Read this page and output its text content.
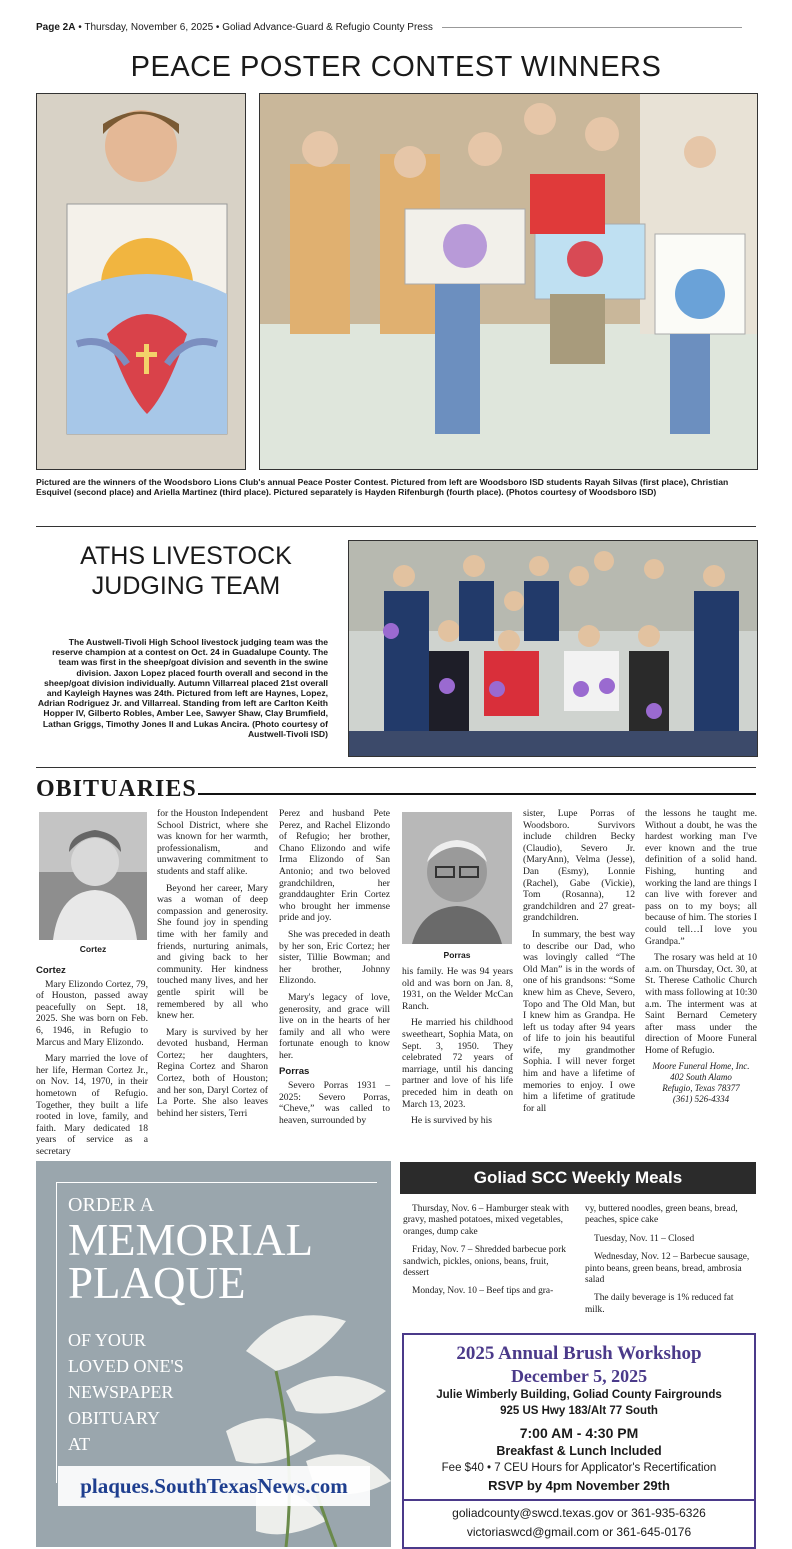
Page 2A • Thursday, November 6, 2025 • Goliad Advance-Guard & Refugio County Press
PEACE POSTER CONTEST WINNERS
Pictured are the winners of the Woodsboro Lions Club's annual Peace Poster Contest. Pictured from left are Woodsboro ISD students Rayah Silvas (first place), Christian Esquivel (second place) and Ariella Martinez (third place). Pictured separately is Hayden Rifenburgh (fourth place). (Photos courtesy of Woodsboro ISD)
ATHS LIVESTOCK
JUDGING TEAM
The Austwell-Tivoli High School livestock judging team was the reserve champion at a contest on Oct. 24 in Guadalupe County. The team was first in the sheep/goat division and seventh in the swine division. Jaxon Lopez placed fourth overall and second in the sheep/goat division individually. Autumn Villarreal placed 21st overall and Kayleigh Haynes was 24th. Pictured from left are Haynes, Lopez, Adrian Rodriguez Jr. and Villarreal. Standing from left are Carlton Keith Hopper IV, Gilberto Robles, Amber Lee, Sawyer Shaw, Clay Brumfield, Lathan Griggs, Timothy Jones II and Lukas Ancira. (Photo courtesy of Austwell-Tivoli ISD)
OBITUARIES
Cortez
Cortez

Mary Elizondo Cortez, 79, of Houston, passed away peacefully on Sept. 18, 2025. She was born on Feb. 6, 1946, in Refugio to Marcus and Mary Elizondo.

Mary married the love of her life, Herman Cortez Jr., on Nov. 14, 1970, in their hometown of Refugio. Together, they built a life rooted in love, family, and faith. Mary dedicated 18 years of service as a secretary

for the Houston Independent School District, where she was known for her warmth, professionalism, and unwavering commitment to students and staff alike.

Beyond her career, Mary was a woman of deep compassion and generosity. She found joy in spending time with her family and friends, nurturing animals, and giving back to her community. Her kindness touched many lives, and her gentle spirit will be remembered by all who knew her.

Mary is survived by her devoted husband, Herman Cortez; her daughters, Regina Cortez and Sharon Cortez, both of Houston; and her son, Daryl Cortez of La Porte. She also leaves behind her sisters, Terri

Perez and husband Pete Perez, and Rachel Elizondo of Refugio; her brother, Chano Elizondo and wife Irma Elizondo of San Antonio; and two beloved grandchildren, her granddaughter Erin Cortez who brought her immense pride and joy.

She was preceded in death by her son, Eric Cortez; her sister, Tillie Bowman; and her brother, Johnny Elizondo.

Mary's legacy of love, generosity, and grace will live on in the hearts of her family and all who were fortunate enough to know her.

Porras

Severo Porras 1931 – 2025: Severo Porras, “Cheve,” was called to heaven, surrounded by

Porras

his family. He was 94 years old and was born on Jan. 8, 1931, on the Welder McCan Ranch.

He married his childhood sweetheart, Sophia Mata, on Sept. 3, 1950. They celebrated 72 years of marriage, until his dancing partner and love of his life preceded him in death on March 13, 2023.

He is survived by his

sister, Lupe Porras of Woodsboro. Survivors include children Becky (Claudio), Severo Jr. (MaryAnn), Velma (Jesse), Dan (Esmy), Lonnie (Rachel), Gabe (Vickie), Tom (Rosanna), 12 grandchildren and 27 great-grandchildren.

In summary, the best way to describe our Dad, who was lovingly called “The Old Man” is in the words of one of his grandsons: “Some knew him as Cheve, Severo, Topo and The Old Man, but I knew him as Grandpa. He left us today after 94 years of life to join his beautiful wife, my grandmother Sophia. I will never forget him and have a lifetime of memories to enjoy. I owe him a lifetime of gratitude for all

the lessons he taught me. Without a doubt, he was the hardest working man I've ever known and the true definition of a solid hand. Fishing, hunting and working the land are things I can live with forever and pass on to my boys; all because of him. The stories I could tell…I love you Grandpa.”

The rosary was held at 10 a.m. on Thursday, Oct. 30, at St. Therese Catholic Church with mass following at 10:30 a.m. The interment was at Saint Bernard Cemetery after mass under the direction of Moore Funeral Home of Refugio.

Moore Funeral Home, Inc.
402 South Alamo
Refugio, Texas 78377
(361) 526-4334
ORDER A
MEMORIAL
PLAQUE
OF YOUR
LOVED ONE'S
NEWSPAPER
OBITUARY
AT
plaques.SouthTexasNews.com
Goliad SCC Weekly Meals

Thursday, Nov. 6 – Hamburger steak with gravy, mashed potatoes, mixed vegetables, oranges, dump cake

Friday, Nov. 7 – Shredded barbecue pork sandwich, pickles, onions, beans, fruit, dessert

Monday, Nov. 10 – Beef tips and gra-

vy, buttered noodles, green beans, bread, peaches, spice cake

Tuesday, Nov. 11 – Closed

Wednesday, Nov. 12 – Barbecue sausage, pinto beans, green beans, bread, ambrosia salad

The daily beverage is 1% reduced fat milk.

2025 Annual Brush Workshop
December 5, 2025
Julie Wimberly Building, Goliad County Fairgrounds
925 US Hwy 183/Alt 77 South
7:00 AM - 4:30 PM
Breakfast & Lunch Included
Fee $40 • 7 CEU Hours for Applicator's Recertification
RSVP by 4pm November 29th
goliadcounty@swcd.texas.gov or 361-935-6326
victoriaswcd@gmail.com or 361-645-0176
